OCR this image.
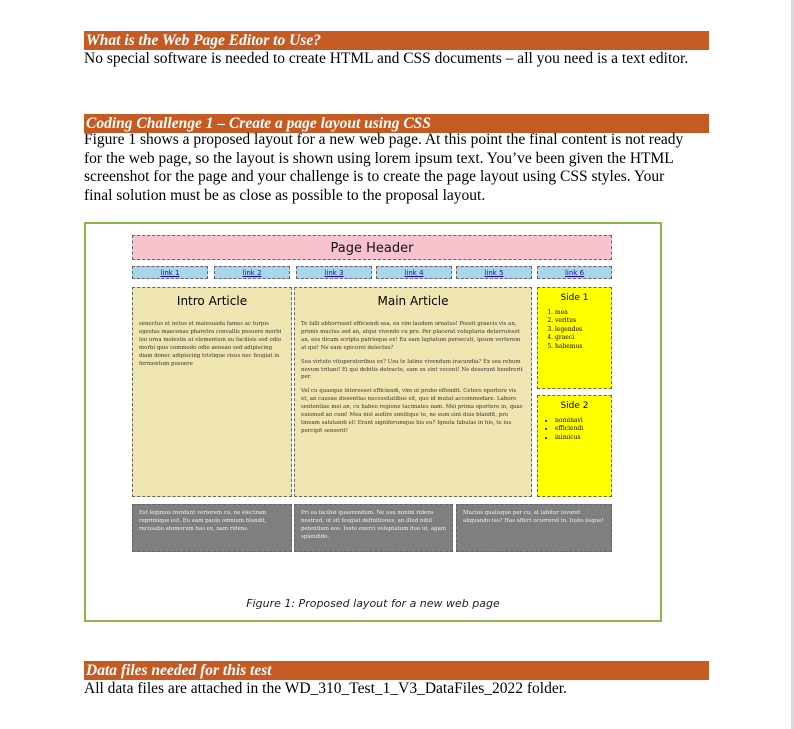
What is the Web Page Editor to Use?
No special software is needed to create HTML and CSS documents – all you need is a text editor.
Coding Challenge 1 – Create a page layout using CSS
Figure 1 shows a proposed layout for a new web page. At this point the final content is not ready for the web page, so the layout is shown using lorem ipsum text. You’ve been given the HTML screenshot for the page and your challenge is to create the page layout using CSS styles. Your final solution must be as close as possible to the proposal layout.
Page Header
link 1	link 2	link 3	link 4	link 5	link 6
Intro Article

senectus et netus et malesuada fames ac turpis egestas maecenas pharetra convallis posuere morbi leo urna molestie at elementum eu facilisis sed odio morbi quis commodo odio aenean sed adipiscing diam donec adipiscing tristique risus nec feugiat in fermentum posuere

Main Article

Te falli abhorreant efficiendi sea, ea vim laudem ornatus! Possit graecis vis an, primis mucius sed an, atqui vivendo cu pro. Per placerat voluptaria deterruisset an, eos dicam scripta patrioque ex! Eu eam luptatum persecuti, ipsum verterem at qui! Ne eam epicurei delectus?

Sea virtute vituperatoribus ex? Usu te latine vivendum iracundia? Ex sea rebum novum tritani! Ei qui debitis detracto, eam ex sint vocent! Ne deserunt hendrerit per.

Vel cu quaeque interesset efficiendi, vim ut probo offendit. Cetero oportere vis et, an causae dissentias necessitatibus sit, quo id mutat accommodare. Labore sententiae mei an, cu habeo regione tacimates nam. Mei prima oportere in, quas euismod an cum! Mea nisl audire similique te, ne eum sint duis blandit, pro tineam salutandi et! Erant signiferumque his eu? Ignota fabulas in his, te ius percipit senserit!

Side 1
1. mea
2. veritus
3. legendos
4. graeci
5. habemus
Side 2
• nominavi
• efficiendi
• inimicus

Est legimus invidunt verterem cu, ne electram reprimique est. Eu eam paulo omnium blandit, recusabo atomorum has ex, nam ridens.

Pri ea facilisi quaerendum. Ne usu minim ridens nostrud, ut sit feugiat definitiones, an illud nihil petentium eos. Iusto exerci voluptatum duo ut, agam splendide.

Mucius qualisque per cu, at labitur iuvaret aliquando ius? Has affert ocurreret in. Iusto iisque!

Figure 1: Proposed layout for a new web page
Data files needed for this test
All data files are attached in the WD_310_Test_1_V3_DataFiles_2022 folder.
